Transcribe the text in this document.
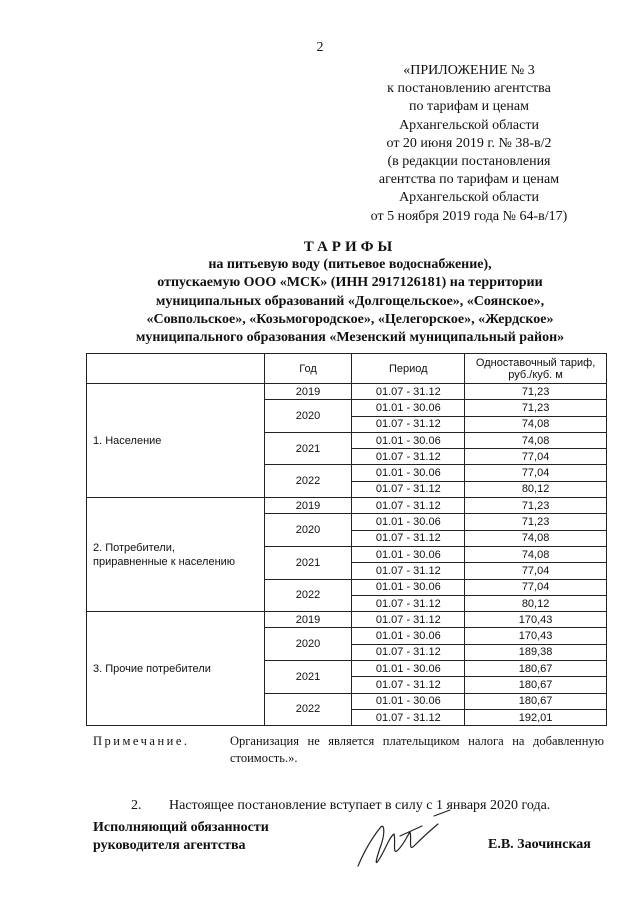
2
«ПРИЛОЖЕНИЕ № 3
к постановлению агентства
по тарифам и ценам
Архангельской области
от 20 июня 2019 г. № 38-в/2
(в редакции постановления
агентства по тарифам и ценам
Архангельской области
от 5 ноября 2019 года № 64-в/17)
ТАРИФЫ
на питьевую воду (питьевое водоснабжение),
отпускаемую ООО «МСК» (ИНН 2917126181) на территории
муниципальных образований «Долгощельское», «Соянское»,
«Совпольское», «Козьмогородское», «Целегорское», «Жердское»
муниципального образования «Мезенский муниципальный район»
	Год	Период	Одноставочный тариф,
руб./куб. м

1. Население	2019	01.07 - 31.12	71,23
	2020	01.01 - 30.06	71,23
		01.07 - 31.12	74,08
	2021	01.01 - 30.06	74,08
		01.07 - 31.12	77,04
	2022	01.01 - 30.06	77,04
		01.07 - 31.12	80,12

2. Потребители,
приравненные к населению	2019	01.07 - 31.12	71,23
	2020	01.01 - 30.06	71,23
		01.07 - 31.12	74,08
	2021	01.01 - 30.06	74,08
		01.07 - 31.12	77,04
	2022	01.01 - 30.06	77,04
		01.07 - 31.12	80,12

3. Прочие потребители	2019	01.07 - 31.12	170,43
	2020	01.01 - 30.06	170,43
		01.07 - 31.12	189,38
	2021	01.01 - 30.06	180,67
		01.07 - 31.12	180,67
	2022	01.01 - 30.06	180,67
		01.07 - 31.12	192,01
Примечание.	Организация не является плательщиком налога на добавленную стоимость.».
2. Настоящее постановление вступает в силу с 1 января 2020 года.
Исполняющий обязанности
руководителя агентства	Е.В. Заочинская
